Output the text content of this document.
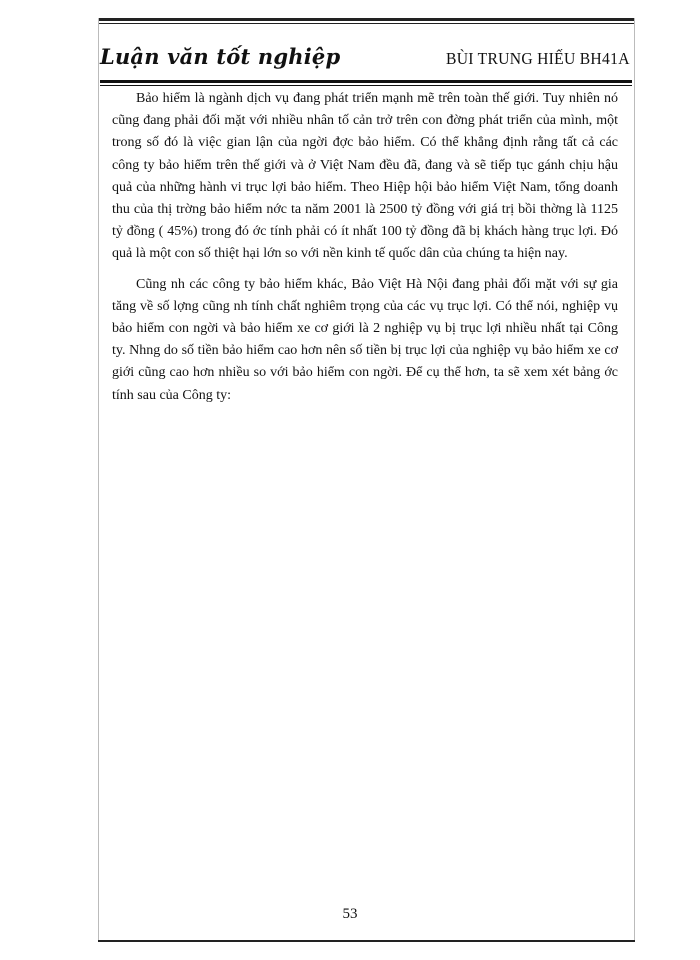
Luận văn tốt nghiệp	BÙI TRUNG HIẾU BH41A

Bảo hiểm là ngành dịch vụ đang phát triển mạnh mẽ trên toàn thế giới. Tuy nhiên nó cũng đang phải đối mặt với nhiều nhân tố cản trở trên con đờng phát triển của mình, một trong số đó là việc gian lận của ngời đợc bảo hiểm. Có thể khẳng định rằng tất cả các công ty bảo hiểm trên thế giới và ở Việt Nam đều đã, đang và sẽ tiếp tục gánh chịu hậu quả của những hành vi trục lợi bảo hiểm. Theo Hiệp hội bảo hiểm Việt Nam, tổng doanh thu của thị trờng bảo hiểm nớc ta năm 2001 là 2500 tỷ đồng với giá trị bồi thờng là 1125 tỷ đồng ( 45%) trong đó ớc tính phải có ít nhất 100 tỷ đồng đã bị khách hàng trục lợi. Đó quả là một con số thiệt hại lớn so với nền kinh tế quốc dân của chúng ta hiện nay.

Cũng nh các công ty bảo hiểm khác, Bảo Việt Hà Nội đang phải đối mặt với sự gia tăng về số lợng cũng nh tính chất nghiêm trọng của các vụ trục lợi. Có thể nói, nghiệp vụ bảo hiểm con ngời và bảo hiểm xe cơ giới là 2 nghiệp vụ bị trục lợi nhiều nhất tại Công ty. Nhng do số tiền bảo hiểm cao hơn nên số tiền bị trục lợi của nghiệp vụ bảo hiểm xe cơ giới cũng cao hơn nhiều so với bảo hiểm con ngời. Để cụ thể hơn, ta sẽ xem xét bảng ớc tính sau của Công ty:

53
